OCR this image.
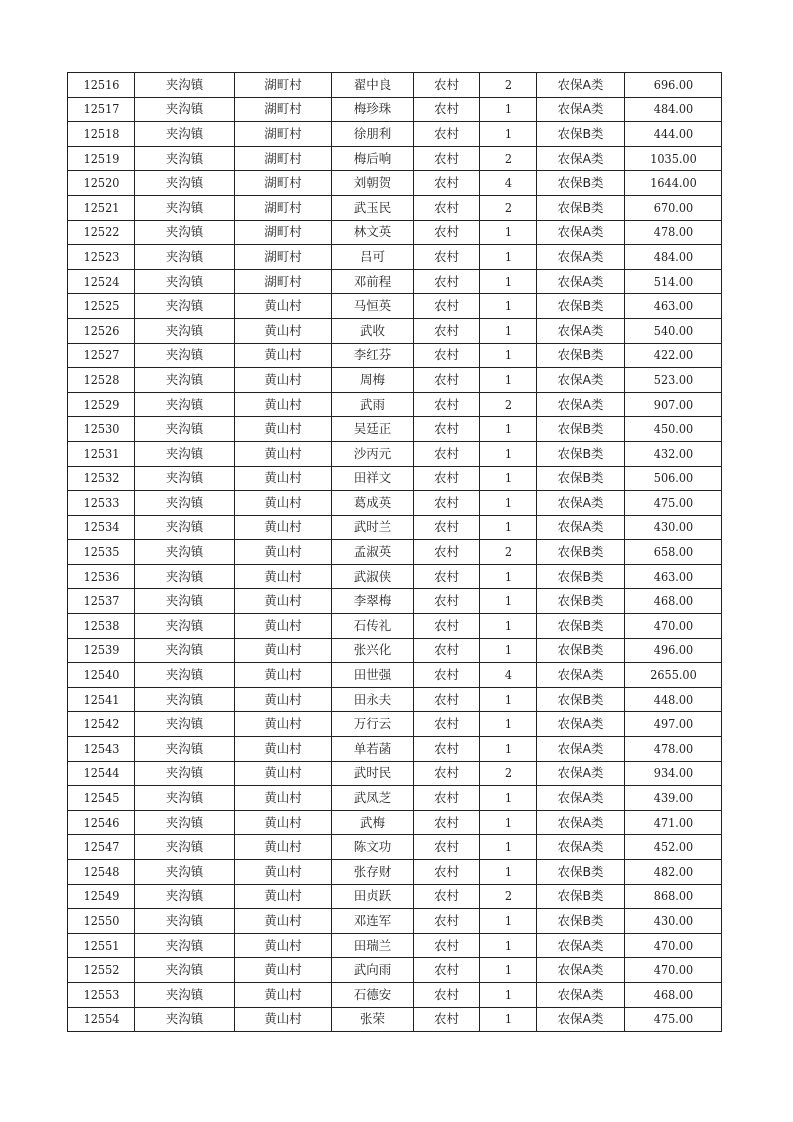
12516	夹沟镇	湖町村	翟中良	农村	2	农保A类	696.00
12517	夹沟镇	湖町村	梅珍珠	农村	1	农保A类	484.00
12518	夹沟镇	湖町村	徐朋利	农村	1	农保B类	444.00
12519	夹沟镇	湖町村	梅后响	农村	2	农保A类	1035.00
12520	夹沟镇	湖町村	刘朝贺	农村	4	农保B类	1644.00
12521	夹沟镇	湖町村	武玉民	农村	2	农保B类	670.00
12522	夹沟镇	湖町村	林文英	农村	1	农保A类	478.00
12523	夹沟镇	湖町村	吕可	农村	1	农保A类	484.00
12524	夹沟镇	湖町村	邓前程	农村	1	农保A类	514.00
12525	夹沟镇	黄山村	马恒英	农村	1	农保B类	463.00
12526	夹沟镇	黄山村	武收	农村	1	农保A类	540.00
12527	夹沟镇	黄山村	李红芬	农村	1	农保B类	422.00
12528	夹沟镇	黄山村	周梅	农村	1	农保A类	523.00
12529	夹沟镇	黄山村	武雨	农村	2	农保A类	907.00
12530	夹沟镇	黄山村	吴廷正	农村	1	农保B类	450.00
12531	夹沟镇	黄山村	沙丙元	农村	1	农保B类	432.00
12532	夹沟镇	黄山村	田祥文	农村	1	农保B类	506.00
12533	夹沟镇	黄山村	葛成英	农村	1	农保A类	475.00
12534	夹沟镇	黄山村	武时兰	农村	1	农保A类	430.00
12535	夹沟镇	黄山村	孟淑英	农村	2	农保B类	658.00
12536	夹沟镇	黄山村	武淑侠	农村	1	农保B类	463.00
12537	夹沟镇	黄山村	李翠梅	农村	1	农保B类	468.00
12538	夹沟镇	黄山村	石传礼	农村	1	农保B类	470.00
12539	夹沟镇	黄山村	张兴化	农村	1	农保B类	496.00
12540	夹沟镇	黄山村	田世强	农村	4	农保A类	2655.00
12541	夹沟镇	黄山村	田永夫	农村	1	农保B类	448.00
12542	夹沟镇	黄山村	万行云	农村	1	农保A类	497.00
12543	夹沟镇	黄山村	单若菡	农村	1	农保A类	478.00
12544	夹沟镇	黄山村	武时民	农村	2	农保A类	934.00
12545	夹沟镇	黄山村	武凤芝	农村	1	农保A类	439.00
12546	夹沟镇	黄山村	武梅	农村	1	农保A类	471.00
12547	夹沟镇	黄山村	陈文功	农村	1	农保A类	452.00
12548	夹沟镇	黄山村	张存财	农村	1	农保B类	482.00
12549	夹沟镇	黄山村	田贞跃	农村	2	农保B类	868.00
12550	夹沟镇	黄山村	邓连军	农村	1	农保B类	430.00
12551	夹沟镇	黄山村	田瑞兰	农村	1	农保A类	470.00
12552	夹沟镇	黄山村	武向雨	农村	1	农保A类	470.00
12553	夹沟镇	黄山村	石德安	农村	1	农保A类	468.00
12554	夹沟镇	黄山村	张荣	农村	1	农保A类	475.00
